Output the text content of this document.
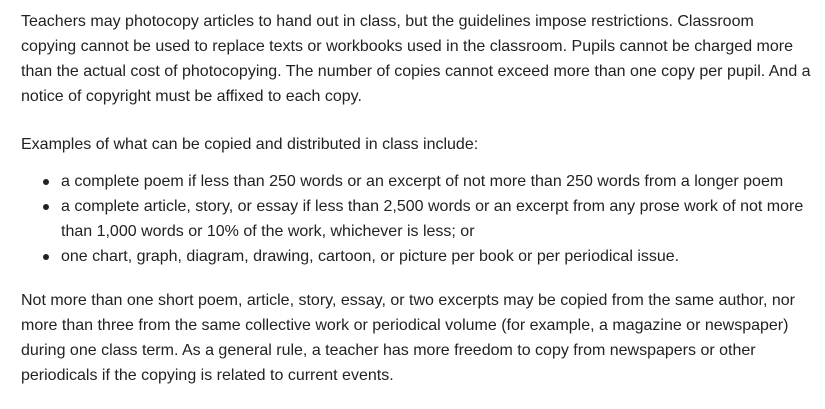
Teachers may photocopy articles to hand out in class, but the guidelines impose restrictions. Classroom copying cannot be used to replace texts or workbooks used in the classroom. Pupils cannot be charged more than the actual cost of photocopying. The number of copies cannot exceed more than one copy per pupil. And a notice of copyright must be affixed to each copy.

Examples of what can be copied and distributed in class include:

a complete poem if less than 250 words or an excerpt of not more than 250 words from a longer poem
a complete article, story, or essay if less than 2,500 words or an excerpt from any prose work of not more than 1,000 words or 10% of the work, whichever is less; or
one chart, graph, diagram, drawing, cartoon, or picture per book or per periodical issue.

Not more than one short poem, article, story, essay, or two excerpts may be copied from the same author, nor more than three from the same collective work or periodical volume (for example, a magazine or newspaper) during one class term. As a general rule, a teacher has more freedom to copy from newspapers or other periodicals if the copying is related to current events.
